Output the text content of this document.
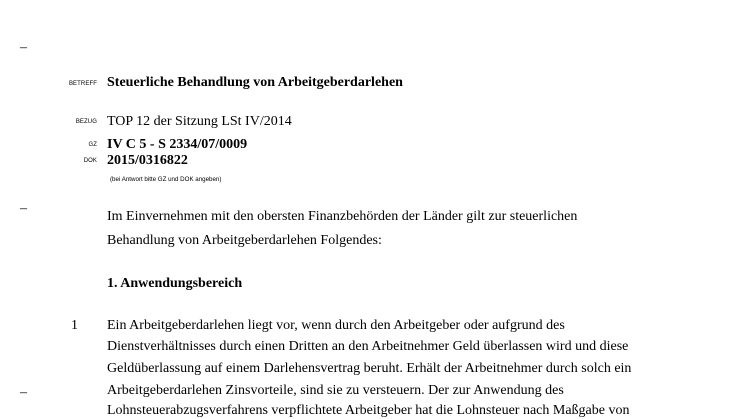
–
–
–
BETREFF Steuerliche Behandlung von Arbeitgeberdarlehen
BEZUG TOP 12 der Sitzung LSt IV/2014
GZ IV C 5 - S 2334/07/0009
DOK 2015/0316822
(bei Antwort bitte GZ und DOK angeben)
Im Einvernehmen mit den obersten Finanzbehörden der Länder gilt zur steuerlichen
Behandlung von Arbeitgeberdarlehen Folgendes:
1. Anwendungsbereich
1 Ein Arbeitgeberdarlehen liegt vor, wenn durch den Arbeitgeber oder aufgrund des
Dienstverhältnisses durch einen Dritten an den Arbeitnehmer Geld überlassen wird und diese
Geldüberlassung auf einem Darlehensvertrag beruht. Erhält der Arbeitnehmer durch solch ein
Arbeitgeberdarlehen Zinsvorteile, sind sie zu versteuern. Der zur Anwendung des
Lohnsteuerabzugsverfahrens verpflichtete Arbeitgeber hat die Lohnsteuer nach Maßgabe von
